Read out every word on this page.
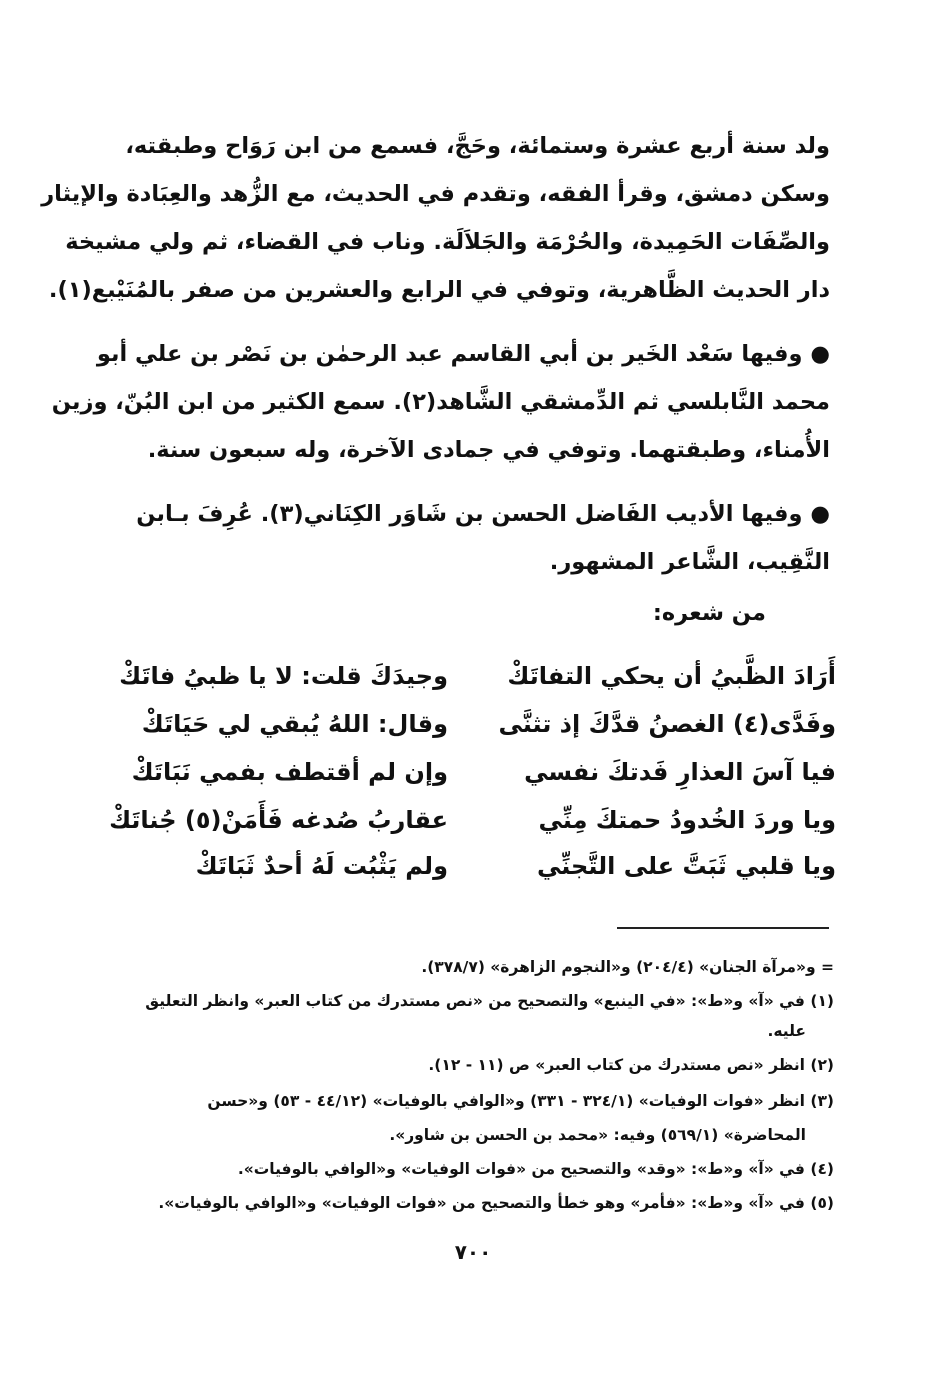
ولد سنة أربع عشرة وستمائة، وحَجَّ، فسمع من ابن رَوَاح وطبقته،
وسكن دمشق، وقرأ الفقه، وتقدم في الحديث، مع الزُّهد والعِبَادة والإيثار
والصِّفَات الحَمِيدة، والحُرْمَة والجَلاَلَة. وناب في القضاء، ثم ولي مشيخة
دار الحديث الظَّاهرية، وتوفي في الرابع والعشرين من صفر بالمُنَيْبع(١).
● وفيها سَعْد الخَير بن أبي القاسم عبد الرحمٰن بن نَصْر بن علي أبو
محمد النَّابلسي ثم الدِّمشقي الشَّاهد(٢). سمع الكثير من ابن البُنّ، وزين
الأُمناء، وطبقتهما. وتوفي في جمادى الآخرة، وله سبعون سنة.
● وفيها الأديب الفَاضل الحسن بن شَاوَر الكِنَاني(٣). عُرِفَ بـابن
النَّقِيب، الشَّاعر المشهور.
من شعره:
أَرَادَ الظَّبيُ أن يحكي التفاتَكْ
وجيدَكَ قلت: لا يا ظبيُ فاتَكْ
وفَدَّى(٤) الغصنُ قدَّكَ إذ تثنَّى
وقال: اللهُ يُبقي لي حَيَاتَكْ
فيا آسَ العذارِ فَدتكَ نفسي
وإن لم أقتطف بفمي نَبَاتَكْ
ويا وردَ الخُدودُ حمتكَ مِنِّي
عقاربُ صُدغه فَأَمَنْ(٥) جُناتَكْ
ويا قلبي ثَبَتَّ على التَّجنِّي
ولم يَثْبُت لَهُ أحدٌ ثَبَاتَكْ
= و«مرآة الجنان» (٢٠٤/٤) و«النجوم الزاهرة» (٣٧٨/٧).
(١) في «آ» و«ط»: «في الينبع» والتصحيح من «نص مستدرك من كتاب العبر» وانظر التعليق
عليه.
(٢) انظر «نص مستدرك من كتاب العبر» ص (١١ - ١٢).
(٣) انظر «فوات الوفيات» (٣٢٤/١ - ٣٣١) و«الوافي بالوفيات» (٤٤/١٢ - ٥٣) و«حسن
المحاضرة» (٥٦٩/١) وفيه: «محمد بن الحسن بن شاور».
(٤) في «آ» و«ط»: «وقد» والتصحيح من «فوات الوفيات» و«الوافي بالوفيات».
(٥) في «آ» و«ط»: «فأمر» وهو خطأ والتصحيح من «فوات الوفيات» و«الوافي بالوفيات».
٧٠٠
